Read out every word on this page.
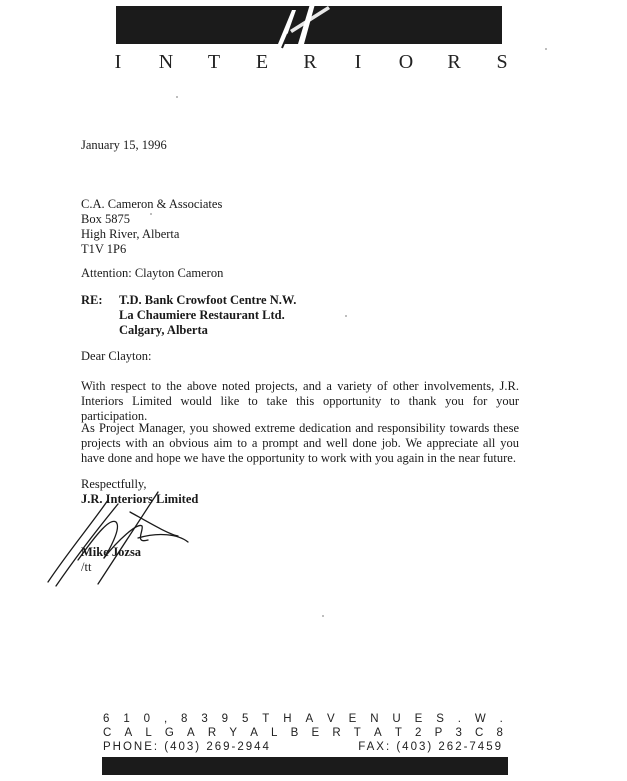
I N T E R I O R S
January 15, 1996
C.A. Cameron & Associates
Box 5875
High River, Alberta
T1V 1P6
Attention: Clayton Cameron
RE: T.D. Bank Crowfoot Centre N.W.
La Chaumiere Restaurant Ltd.
Calgary, Alberta
Dear Clayton:
With respect to the above noted projects, and a variety of other involvements, J.R. Interiors Limited would like to take this opportunity to thank you for your participation.
As Project Manager, you showed extreme dedication and responsibility towards these projects with an obvious aim to a prompt and well done job. We appreciate all you have done and hope we have the opportunity to work with you again in the near future.
Respectfully,
J.R. Interiors Limited
Mike Jozsa
/tt
6 1 0 , 8 3 9 5 T H A V E N U E S . W .
C A L G A R Y A L B E R T A T 2 P 3 C 8
PHONE: (403) 269-2944	FAX: (403) 262-7459
